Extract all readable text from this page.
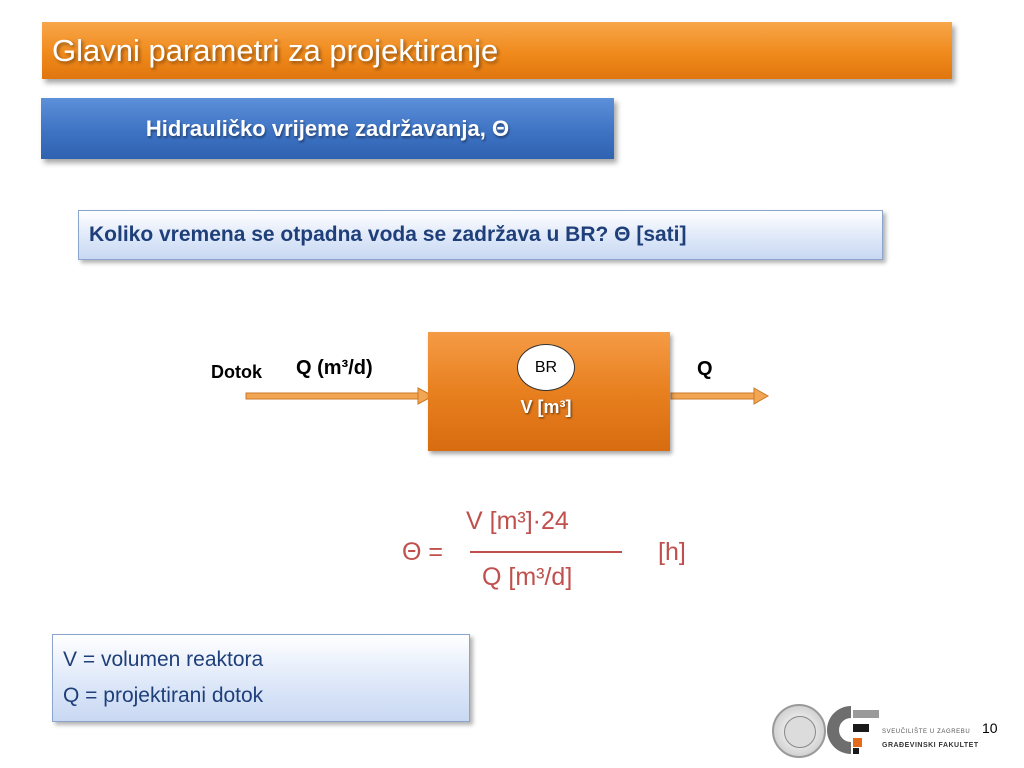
Glavni parametri za projektiranje
Hidrauličko vrijeme zadržavanja, Θ
Koliko vremena se otpadna voda se zadržava u BR? Θ [sati]
Dotok Q (m³/d)	BR
V [m³]
Q
Θ =
V [m³]·24
Q [m³/d]
[h]
V = volumen reaktora
Q = projektirani dotok
SVEUČILIŠTE U ZAGREBU
GRAĐEVINSKI FAKULTET
10
